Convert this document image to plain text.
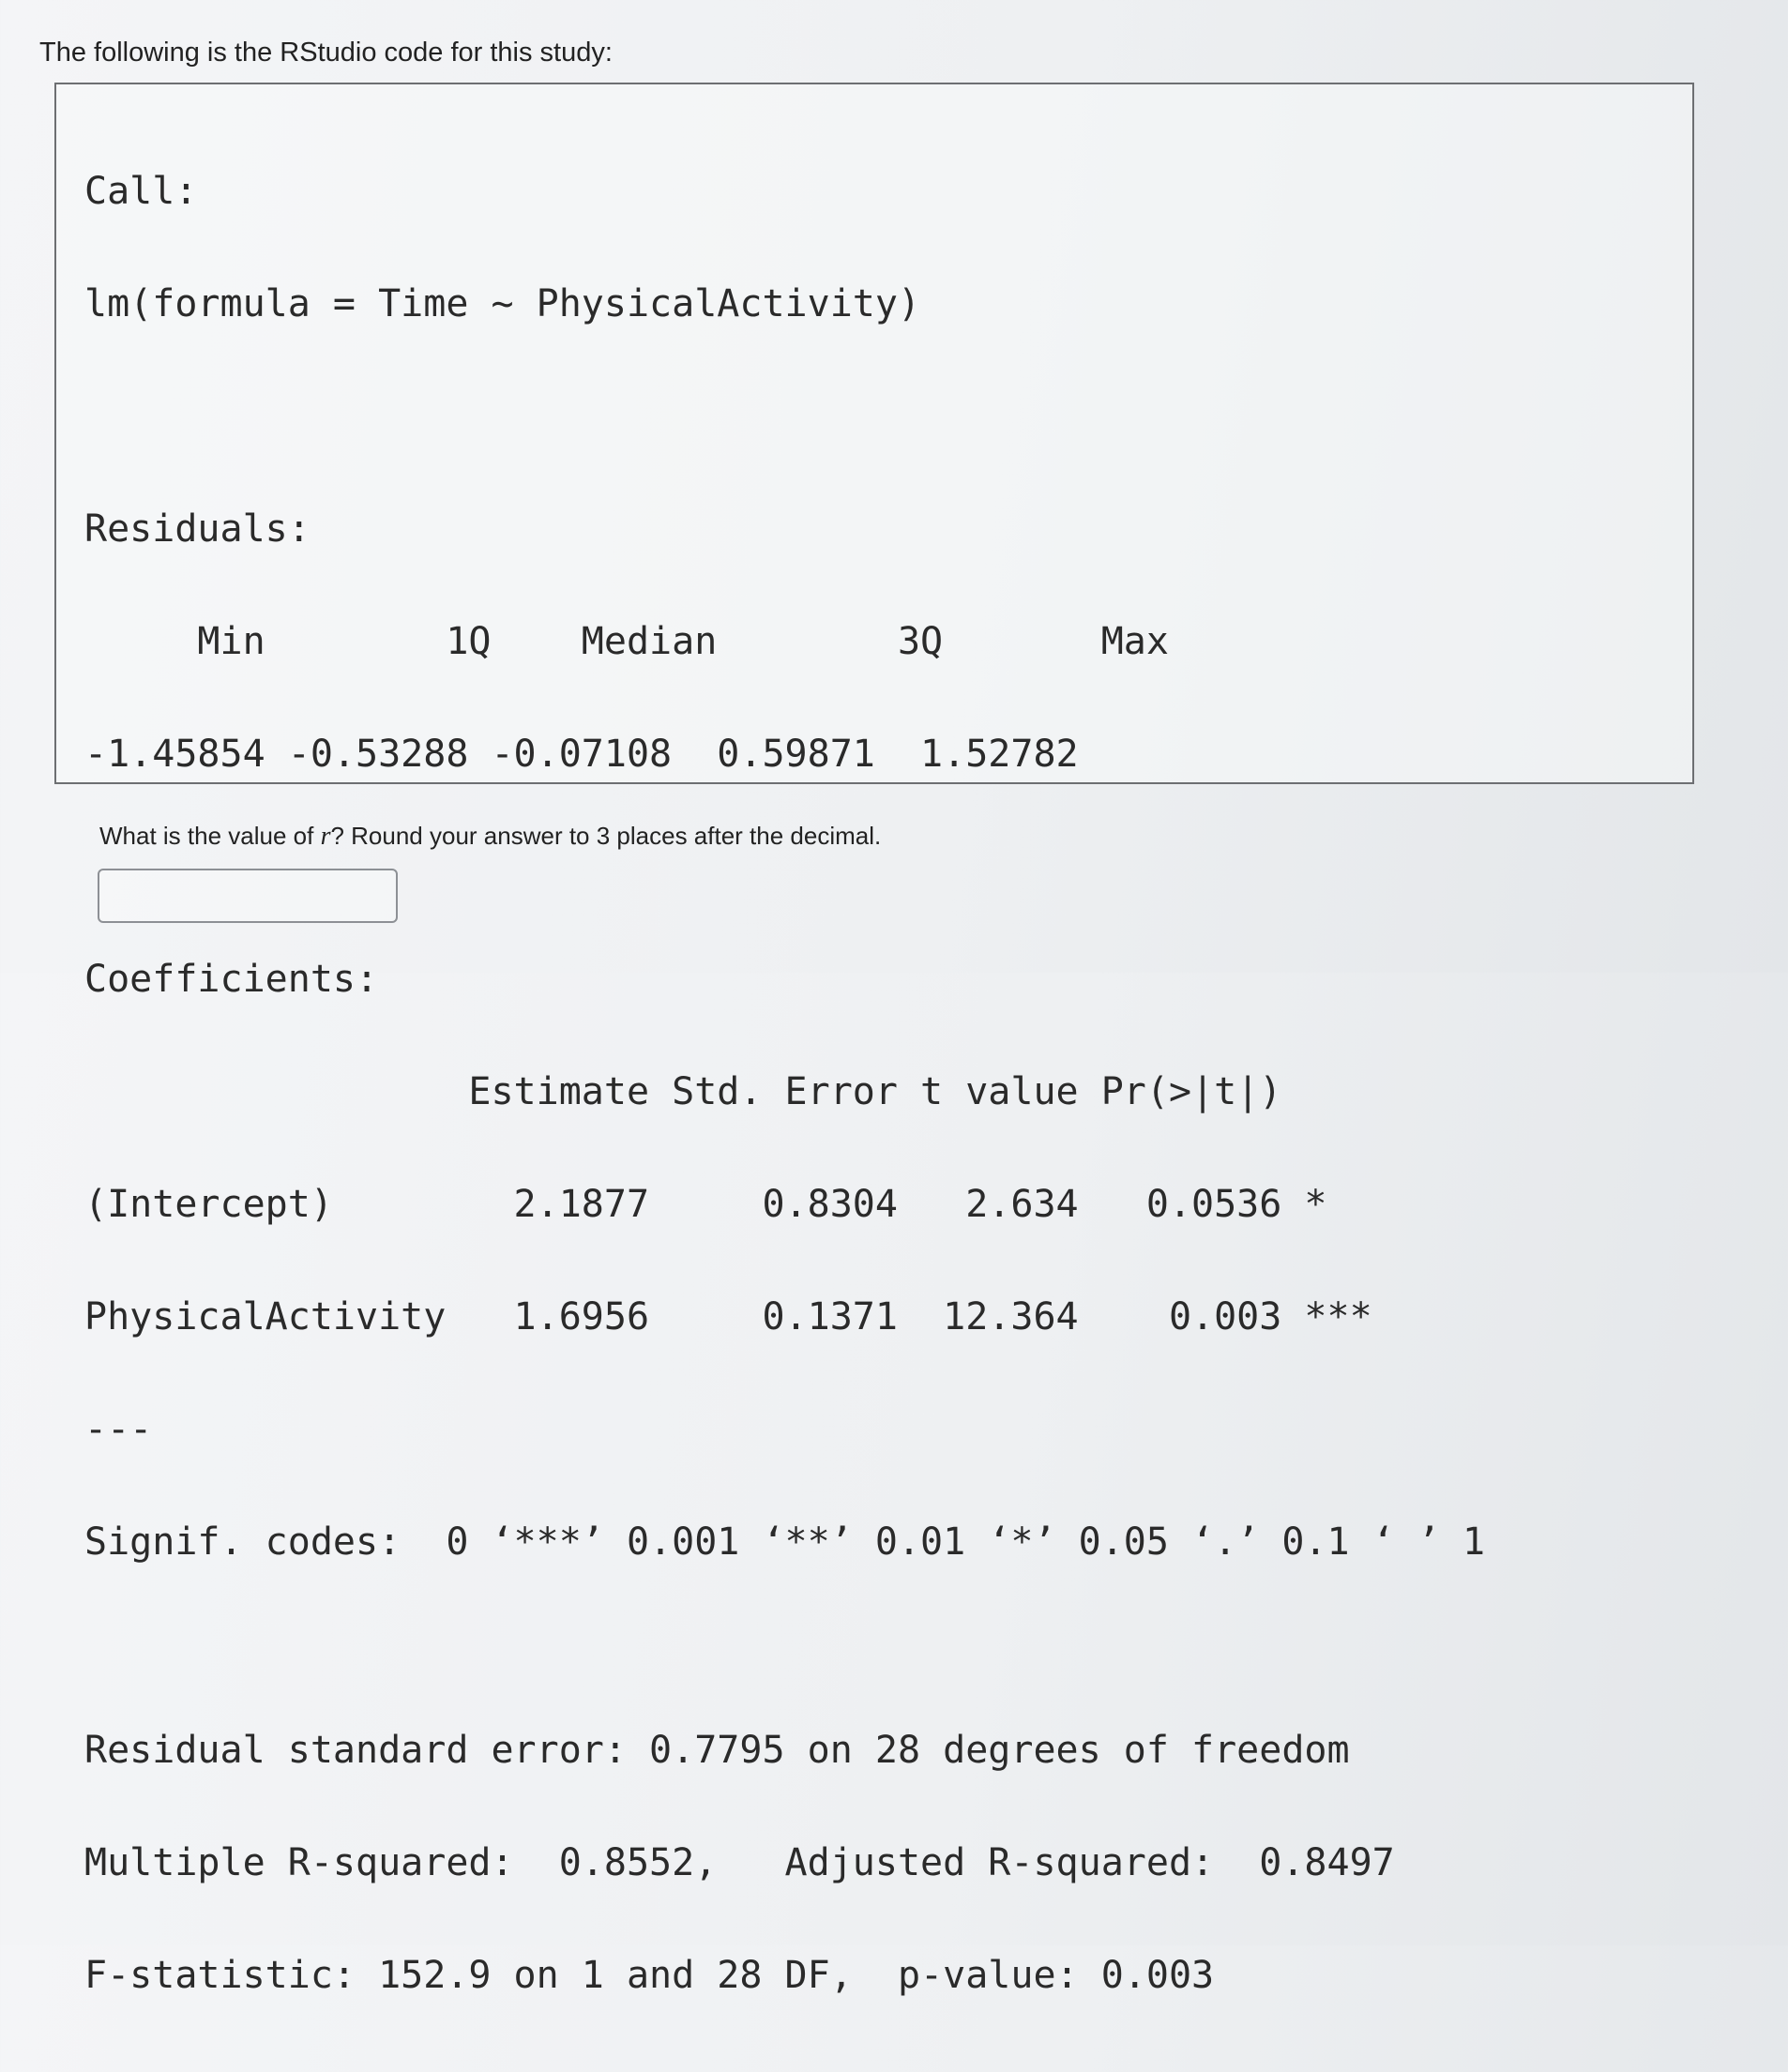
The following is the RStudio code for this study:

Call:

lm(formula = Time ~ PhysicalActivity)

Residuals:

Min        1Q    Median        3Q       Max

-1.45854 -0.53288 -0.07108  0.59871  1.52782

Coefficients:

Estimate Std. Error t value Pr(>|t|)

(Intercept)        2.1877     0.8304   2.634   0.0536 *

PhysicalActivity   1.6956     0.1371  12.364    0.003 ***

---

Signif. codes:  0 ‘***’ 0.001 ‘**’ 0.01 ‘*’ 0.05 ‘.’ 0.1 ‘ ’ 1

Residual standard error: 0.7795 on 28 degrees of freedom

Multiple R-squared:  0.8552,   Adjusted R-squared:  0.8497

F-statistic: 152.9 on 1 and 28 DF,  p-value: 0.003

What is the value of r? Round your answer to 3 places after the decimal.
